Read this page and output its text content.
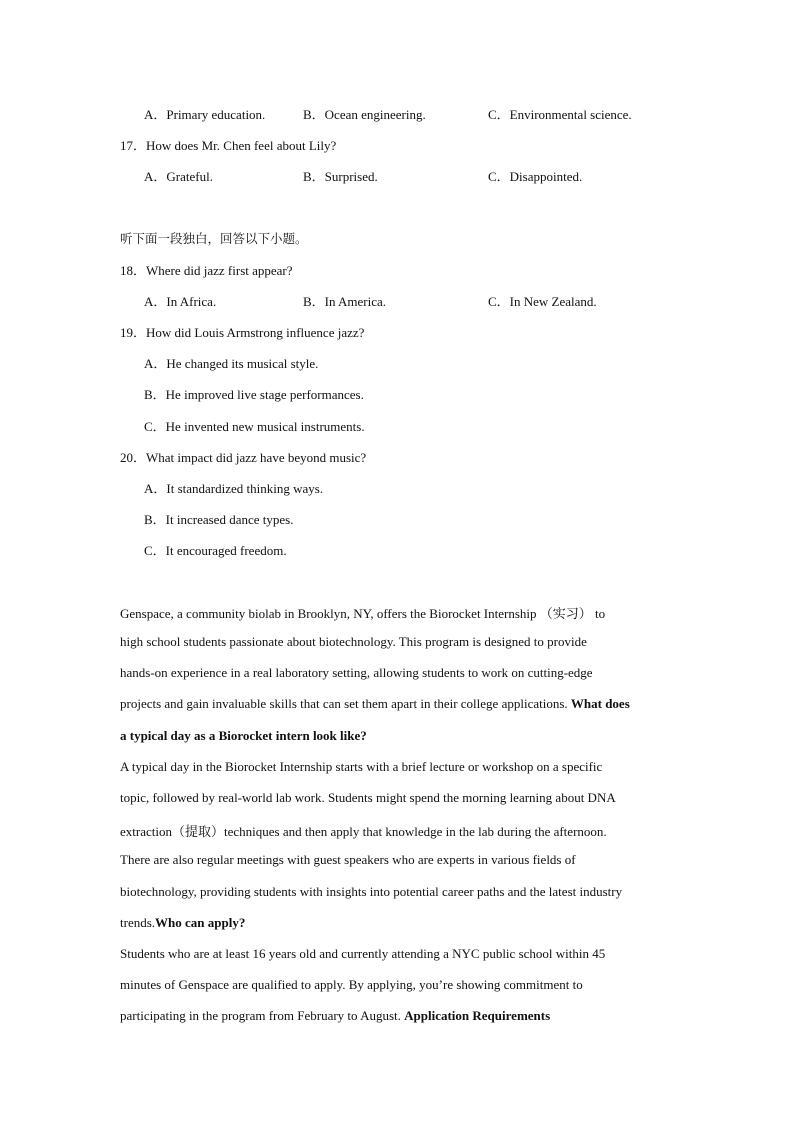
A．Primary education.	B．Ocean engineering.	C．Environmental science.
17．How does Mr. Chen feel about Lily?
A．Grateful.	B．Surprised.	C．Disappointed.
听下面一段独白，回答以下小题。
18．Where did jazz first appear?
A．In Africa.	B．In America.	C．In New Zealand.
19．How did Louis Armstrong influence jazz?
A．He changed its musical style.
B．He improved live stage performances.
C．He invented new musical instruments.
20．What impact did jazz have beyond music?
A．It standardized thinking ways.
B．It increased dance types.
C．It encouraged freedom.
Genspace, a community biolab in Brooklyn, NY, offers the Biorocket Internship （实习） to
high school students passionate about biotechnology. This program is designed to provide
hands-on experience in a real laboratory setting, allowing students to work on cutting-edge
projects and gain invaluable skills that can set them apart in their college applications. What does
a typical day as a Biorocket intern look like?
A typical day in the Biorocket Internship starts with a brief lecture or workshop on a specific
topic, followed by real-world lab work. Students might spend the morning learning about DNA
extraction（提取）techniques and then apply that knowledge in the lab during the afternoon.
There are also regular meetings with guest speakers who are experts in various fields of
biotechnology, providing students with insights into potential career paths and the latest industry
trends.Who can apply?
Students who are at least 16 years old and currently attending a NYC public school within 45
minutes of Genspace are qualified to apply. By applying, you’re showing commitment to
participating in the program from February to August. Application Requirements
